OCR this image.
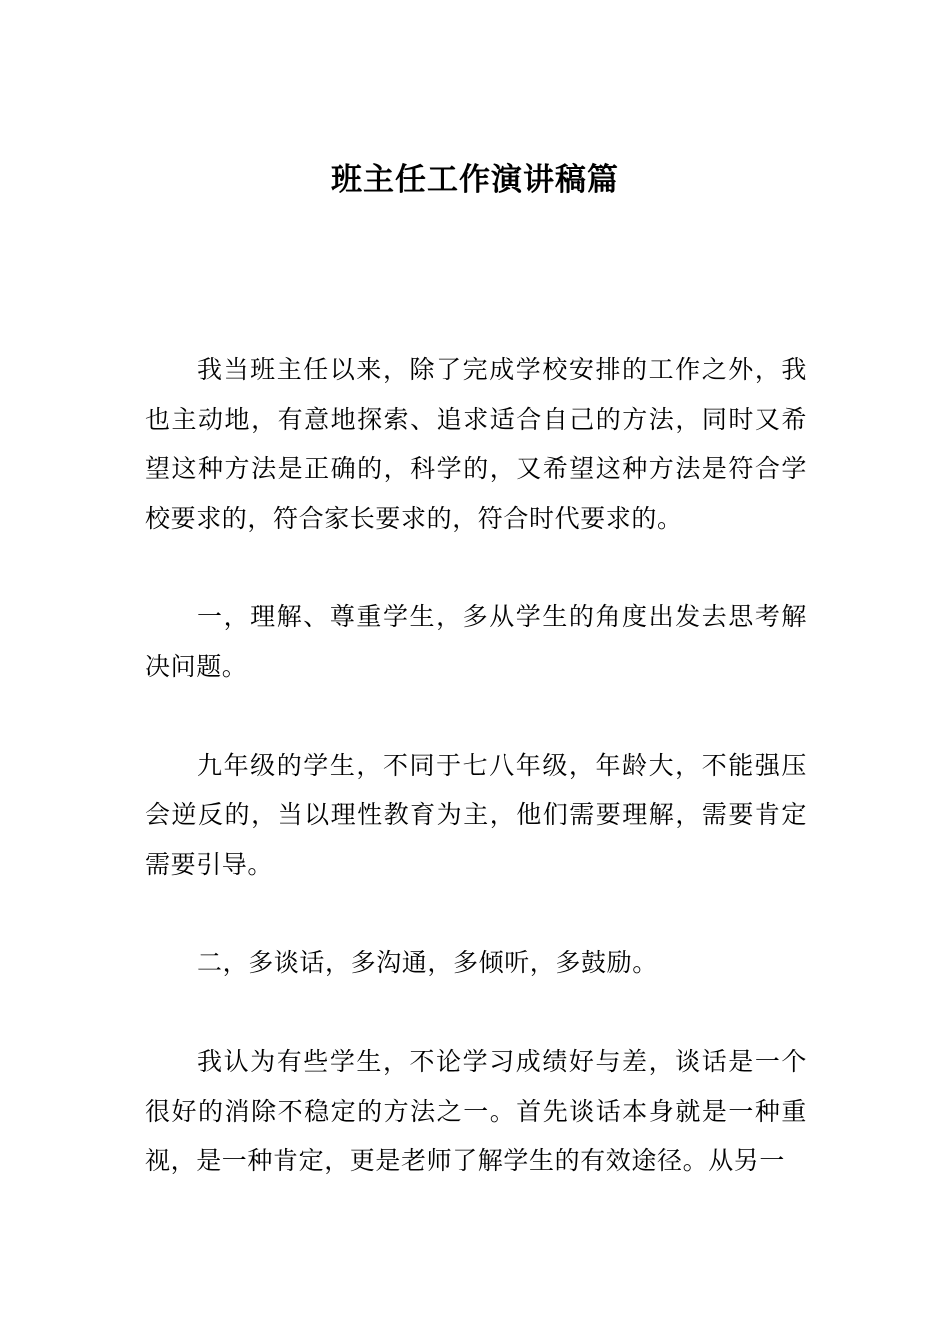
班主任工作演讲稿篇

我当班主任以来，除了完成学校安排的工作之外，我也主动地，有意地探索、追求适合自己的方法，同时又希望这种方法是正确的，科学的，又希望这种方法是符合学校要求的，符合家长要求的，符合时代要求的。

一，理解、尊重学生，多从学生的角度出发去思考解决问题。

九年级的学生，不同于七八年级，年龄大，不能强压会逆反的，当以理性教育为主，他们需要理解，需要肯定需要引导。

二，多谈话，多沟通，多倾听，多鼓励。

我认为有些学生，不论学习成绩好与差，谈话是一个很好的消除不稳定的方法之一。首先谈话本身就是一种重视，是一种肯定，更是老师了解学生的有效途径。从另一
